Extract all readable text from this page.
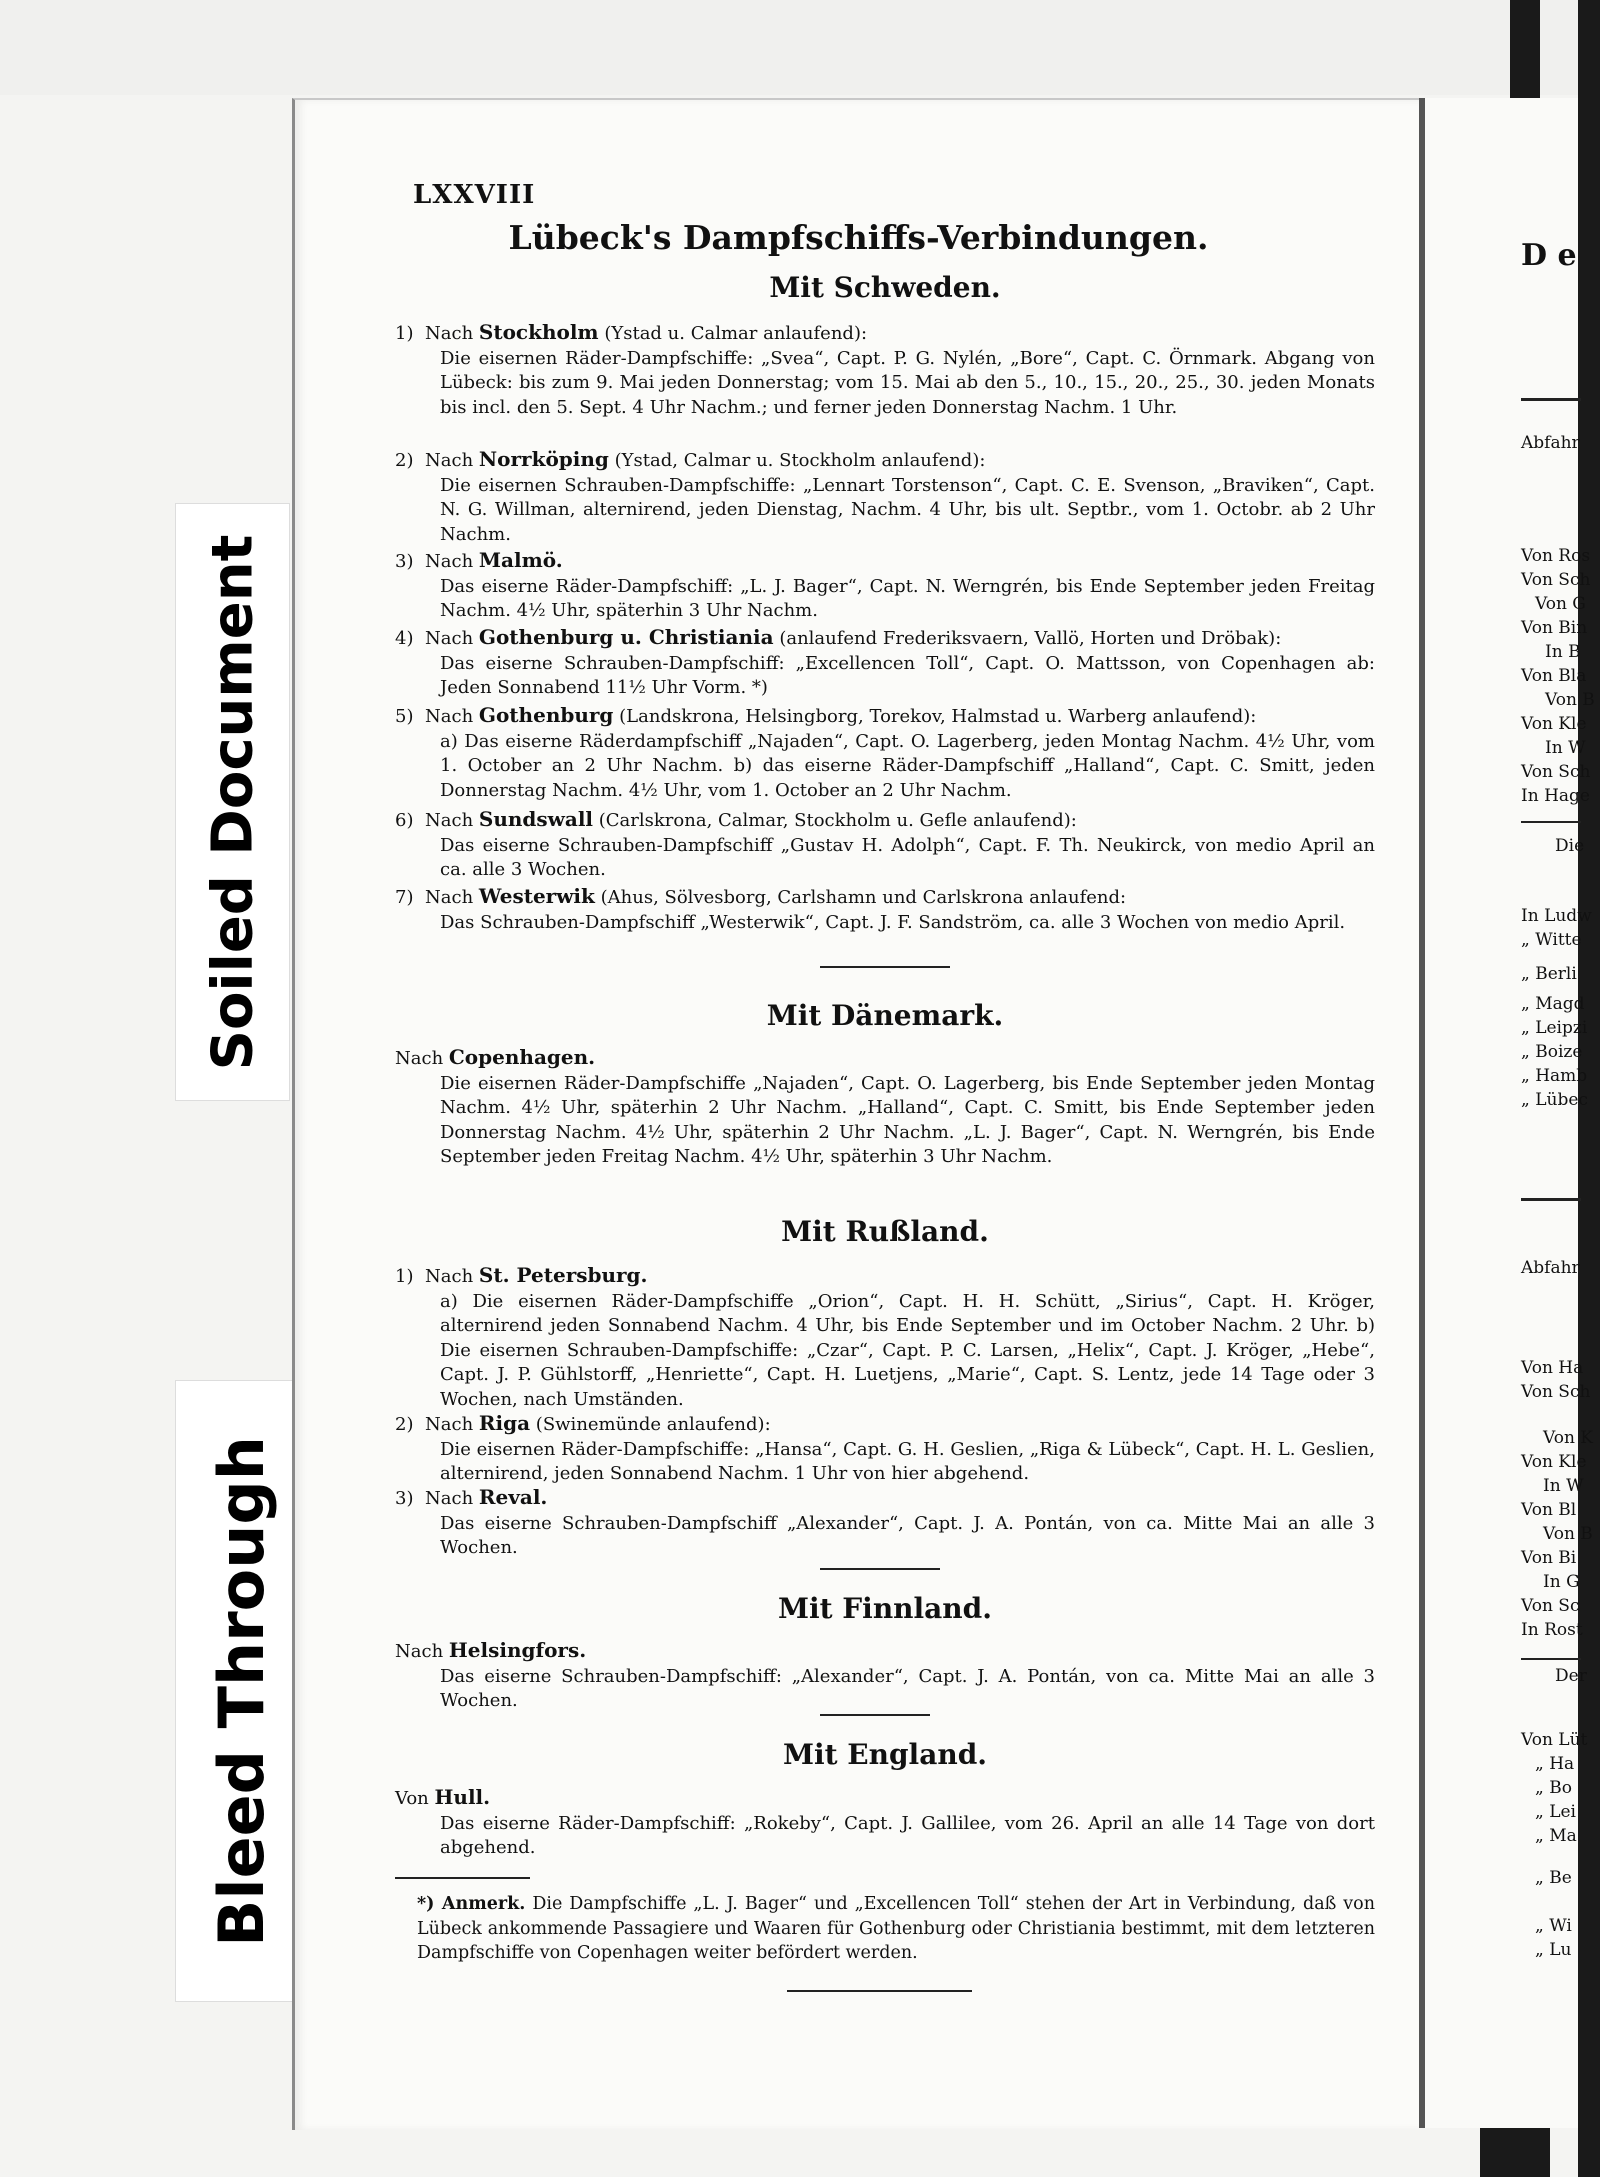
Soiled Document
Bleed Through
LXXVIII
Lübeck's Dampfschiffs-Verbindungen.
Mit Schweden.
1) Nach Stockholm (Ystad u. Calmar anlaufend):
Die eisernen Räder-Dampfschiffe: „Svea“, Capt. P. G. Nylén, „Bore“, Capt. C. Örnmark. Abgang von Lübeck: bis zum 9. Mai jeden Donnerstag; vom 15. Mai ab den 5., 10., 15., 20., 25., 30. jeden Monats bis incl. den 5. Sept. 4 Uhr Nachm.; und ferner jeden Donnerstag Nachm. 1 Uhr.
2) Nach Norrköping (Ystad, Calmar u. Stockholm anlaufend):
Die eisernen Schrauben-Dampfschiffe: „Lennart Torstenson“, Capt. C. E. Svenson, „Braviken“, Capt. N. G. Willman, alternirend, jeden Dienstag, Nachm. 4 Uhr, bis ult. Septbr., vom 1. Octobr. ab 2 Uhr Nachm.
3) Nach Malmö.
Das eiserne Räder-Dampfschiff: „L. J. Bager“, Capt. N. Werngrén, bis Ende September jeden Freitag Nachm. 4½ Uhr, späterhin 3 Uhr Nachm.
4) Nach Gothenburg u. Christiania (anlaufend Frederiksvaern, Vallö, Horten und Dröbak):
Das eiserne Schrauben-Dampfschiff: „Excellencen Toll“, Capt. O. Mattsson, von Copenhagen ab: Jeden Sonnabend 11½ Uhr Vorm. *)
5) Nach Gothenburg (Landskrona, Helsingborg, Torekov, Halmstad u. Warberg anlaufend):
a) Das eiserne Räderdampfschiff „Najaden“, Capt. O. Lagerberg, jeden Montag Nachm. 4½ Uhr, vom 1. October an 2 Uhr Nachm. b) das eiserne Räder-Dampfschiff „Halland“, Capt. C. Smitt, jeden Donnerstag Nachm. 4½ Uhr, vom 1. October an 2 Uhr Nachm.
6) Nach Sundswall (Carlskrona, Calmar, Stockholm u. Gefle anlaufend):
Das eiserne Schrauben-Dampfschiff „Gustav H. Adolph“, Capt. F. Th. Neukirck, von medio April an ca. alle 3 Wochen.
7) Nach Westerwik (Ahus, Sölvesborg, Carlshamn und Carlskrona anlaufend:
Das Schrauben-Dampfschiff „Westerwik“, Capt. J. F. Sandström, ca. alle 3 Wochen von medio April.
Mit Dänemark.
Nach Copenhagen.
Die eisernen Räder-Dampfschiffe „Najaden“, Capt. O. Lagerberg, bis Ende September jeden Montag Nachm. 4½ Uhr, späterhin 2 Uhr Nachm. „Halland“, Capt. C. Smitt, bis Ende September jeden Donnerstag Nachm. 4½ Uhr, späterhin 2 Uhr Nachm. „L. J. Bager“, Capt. N. Werngrén, bis Ende September jeden Freitag Nachm. 4½ Uhr, späterhin 3 Uhr Nachm.
Mit Rußland.
1) Nach St. Petersburg.
a) Die eisernen Räder-Dampfschiffe „Orion“, Capt. H. H. Schütt, „Sirius“, Capt. H. Kröger, alternirend jeden Sonnabend Nachm. 4 Uhr, bis Ende September und im October Nachm. 2 Uhr. b) Die eisernen Schrauben-Dampfschiffe: „Czar“, Capt. P. C. Larsen, „Helix“, Capt. J. Kröger, „Hebe“, Capt. J. P. Gühlstorff, „Henriette“, Capt. H. Luetjens, „Marie“, Capt. S. Lentz, jede 14 Tage oder 3 Wochen, nach Umständen.
2) Nach Riga (Swinemünde anlaufend):
Die eisernen Räder-Dampfschiffe: „Hansa“, Capt. G. H. Geslien, „Riga & Lübeck“, Capt. H. L. Geslien, alternirend, jeden Sonnabend Nachm. 1 Uhr von hier abgehend.
3) Nach Reval.
Das eiserne Schrauben-Dampfschiff „Alexander“, Capt. J. A. Pontán, von ca. Mitte Mai an alle 3 Wochen.
Mit Finnland.
Nach Helsingfors.
Das eiserne Schrauben-Dampfschiff: „Alexander“, Capt. J. A. Pontán, von ca. Mitte Mai an alle 3 Wochen.
Mit England.
Von Hull.
Das eiserne Räder-Dampfschiff: „Rokeby“, Capt. J. Gallilee, vom 26. April an alle 14 Tage von dort abgehend.
*) Anmerk. Die Dampfschiffe „L. J. Bager“ und „Excellencen Toll“ stehen der Art in Verbindung, daß von Lübeck ankommende Passagiere und Waaren für Gothenburg oder Christiania bestimmt, mit dem letzteren Dampfschiffe von Copenhagen weiter befördert werden.
D e
Abfahr
Von Ros
Von Sch
Von G
Von Bin
In B
Von Bla
Von B
Von Kle
In W
Von Sch
In Hage
Die
In Ludw
„ Witte
„ Berli
„ Magd
„ Leipzi
„ Boize
„ Hamb
„ Lübec
Abfahr
Von Ha
Von Sch
Von K
Von Kle
In W
Von Bl
Von B
Von Bi
In G
Von Sc
In Rost
Der
Von Lüt
„ Ha
„ Bo
„ Lei
„ Ma
„ Be
„ Wi
„ Lu
